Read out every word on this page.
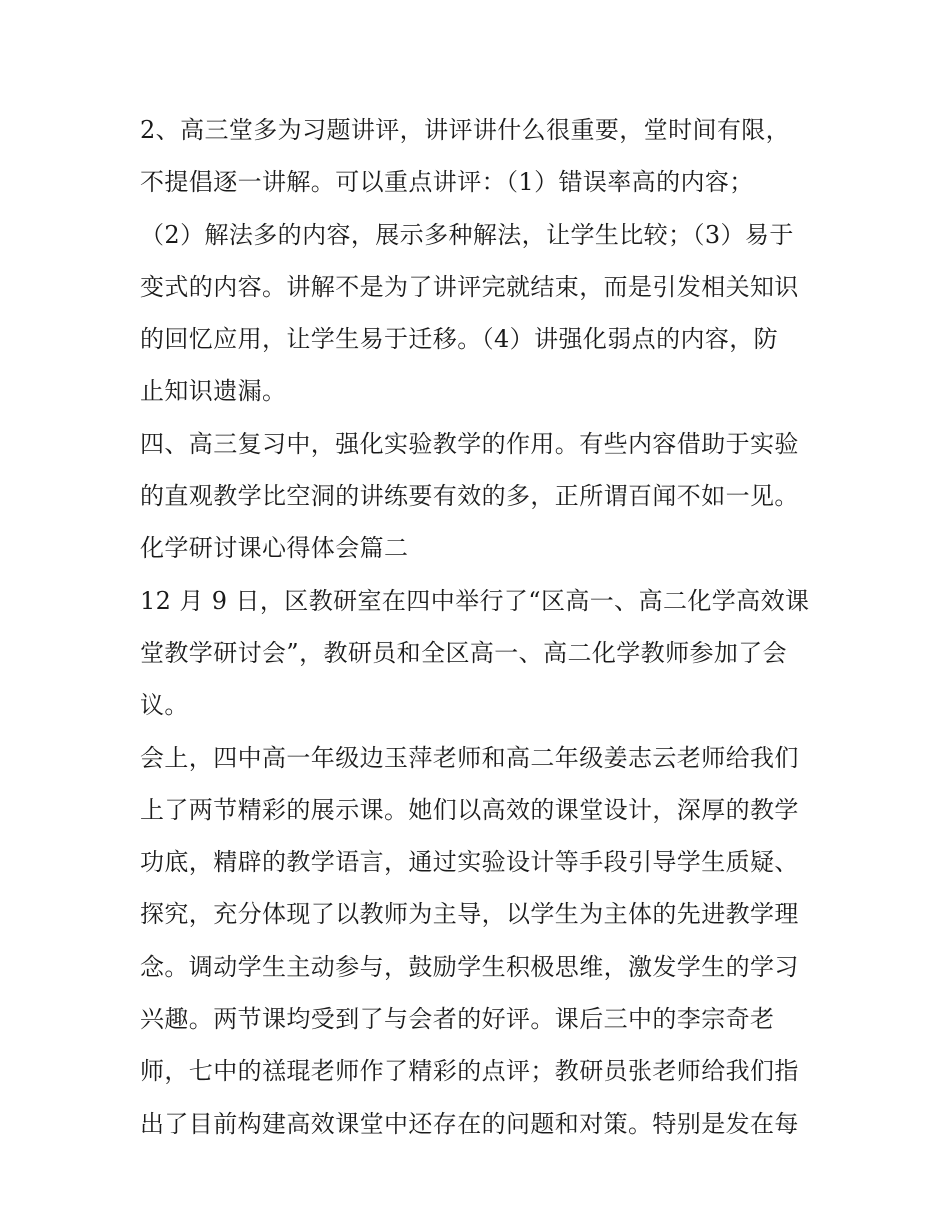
2、高三堂多为习题讲评，讲评讲什么很重要，堂时间有限，
不提倡逐一讲解。可以重点讲评：（1）错误率高的内容；
（2）解法多的内容，展示多种解法，让学生比较；（3）易于
变式的内容。讲解不是为了讲评完就结束，而是引发相关知识
的回忆应用，让学生易于迁移。（4）讲强化弱点的内容，防
止知识遗漏。
四、高三复习中，强化实验教学的作用。有些内容借助于实验
的直观教学比空洞的讲练要有效的多，正所谓百闻不如一见。
化学研讨课心得体会篇二
12 月 9 日，区教研室在四中举行了“区高一、高二化学高效课
堂教学研讨会”，教研员和全区高一、高二化学教师参加了会
议。
会上，四中高一年级边玉萍老师和高二年级姜志云老师给我们
上了两节精彩的展示课。她们以高效的课堂设计，深厚的教学
功底，精辟的教学语言，通过实验设计等手段引导学生质疑、
探究，充分体现了以教师为主导，以学生为主体的先进教学理
念。调动学生主动参与，鼓励学生积极思维，激发学生的学习
兴趣。两节课均受到了与会者的好评。课后三中的李宗奇老
师，七中的禚琨老师作了精彩的点评；教研员张老师给我们指
出了目前构建高效课堂中还存在的问题和对策。特别是发在每
